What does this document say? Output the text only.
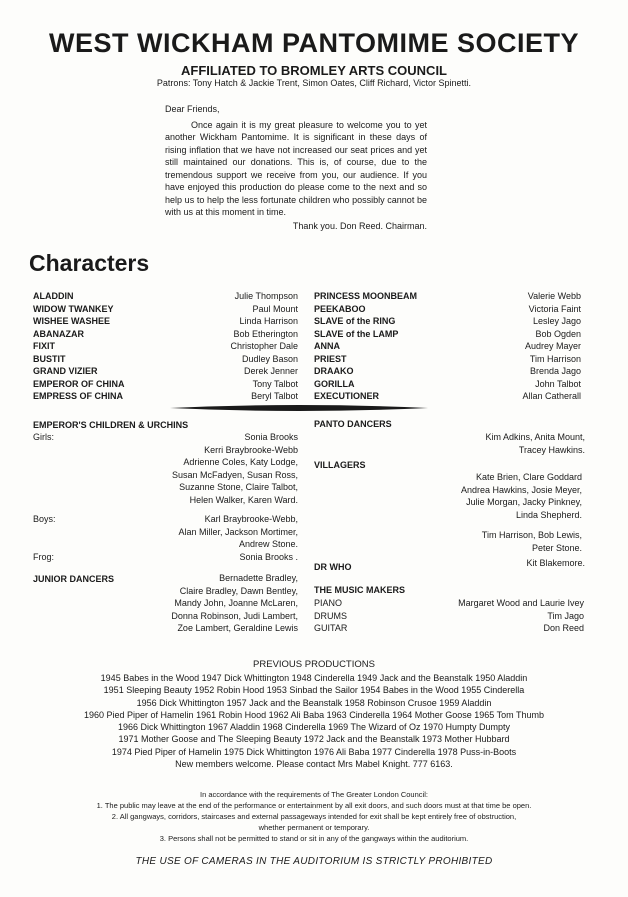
WEST WICKHAM PANTOMIME SOCIETY
AFFILIATED TO BROMLEY ARTS COUNCIL
Patrons: Tony Hatch & Jackie Trent, Simon Oates, Cliff Richard, Victor Spinetti.
Dear Friends,
Once again it is my great pleasure to welcome you to yet another Wickham Pantomime. It is significant in these days of rising inflation that we have not increased our seat prices and yet still maintained our donations. This is, of course, due to the tremendous support we receive from you, our audience. If you have enjoyed this production do please come to the next and so help us to help the less fortunate children who possibly cannot be with us at this moment in time.
Thank you. Don Reed. Chairman.
Characters
ALADDIN	Julie Thompson
WIDOW TWANKEY	Paul Mount
WISHEE WASHEE	Linda Harrison
ABANAZAR	Bob Etherington
FIXIT	Christopher Dale
BUSTIT	Dudley Bason
GRAND VIZIER	Derek Jenner
EMPEROR OF CHINA	Tony Talbot
EMPRESS OF CHINA	Beryl Talbot
PRINCESS MOONBEAM	Valerie Webb
PEEKABOO	Victoria Faint
SLAVE of the RING	Lesley Jago
SLAVE of the LAMP	Bob Ogden
ANNA	Audrey Mayer
PRIEST	Tim Harrison
DRAAKO	Brenda Jago
GORILLA	John Talbot
EXECUTIONER	Allan Catherall
EMPEROR'S CHILDREN & URCHINS
Girls:	Sonia Brooks
Kerri Braybrooke-Webb
Adrienne Coles, Katy Lodge,
Susan McFadyen, Susan Ross,
Suzanne Stone, Claire Talbot,
Helen Walker, Karen Ward.
Boys:	Karl Braybrooke-Webb,
Alan Miller, Jackson Mortimer,
Andrew Stone.
Frog:	Sonia Brooks .
JUNIOR DANCERS	Bernadette Bradley,
Claire Bradley, Dawn Bentley,
Mandy John, Joanne McLaren,
Donna Robinson, Judi Lambert,
Zoe Lambert, Geraldine Lewis
PANTO DANCERS
Kim Adkins, Anita Mount,
Tracey Hawkins.
VILLAGERS
Kate Brien, Clare Goddard
Andrea Hawkins, Josie Meyer,
Julie Morgan, Jacky Pinkney,
Linda Shepherd.
Tim Harrison, Bob Lewis,
Peter Stone.
DR WHO	Kit Blakemore.
THE MUSIC MAKERS
PIANO	Margaret Wood and Laurie Ivey
DRUMS	Tim Jago
GUITAR	Don Reed
PREVIOUS PRODUCTIONS
1945 Babes in the Wood 1947 Dick Whittington 1948 Cinderella 1949 Jack and the Beanstalk 1950 Aladdin
1951 Sleeping Beauty 1952 Robin Hood 1953 Sinbad the Sailor 1954 Babes in the Wood 1955 Cinderella
1956 Dick Whittington 1957 Jack and the Beanstalk 1958 Robinson Crusoe 1959 Aladdin
1960 Pied Piper of Hamelin 1961 Robin Hood 1962 Ali Baba 1963 Cinderella 1964 Mother Goose 1965 Tom Thumb
1966 Dick Whittington 1967 Aladdin 1968 Cinderella 1969 The Wizard of Oz 1970 Humpty Dumpty
1971 Mother Goose and The Sleeping Beauty 1972 Jack and the Beanstalk 1973 Mother Hubbard
1974 Pied Piper of Hamelin 1975 Dick Whittington 1976 Ali Baba 1977 Cinderella 1978 Puss-in-Boots
New members welcome. Please contact Mrs Mabel Knight. 777 6163.
In accordance with the requirements of The Greater London Council:
1. The public may leave at the end of the performance or entertainment by all exit doors, and such doors must at that time be open.
2. All gangways, corridors, staircases and external passageways intended for exit shall be kept entirely free of obstruction,
whether permanent or temporary.
3. Persons shall not be permitted to stand or sit in any of the gangways within the auditorium.
THE USE OF CAMERAS IN THE AUDITORIUM IS STRICTLY PROHIBITED
